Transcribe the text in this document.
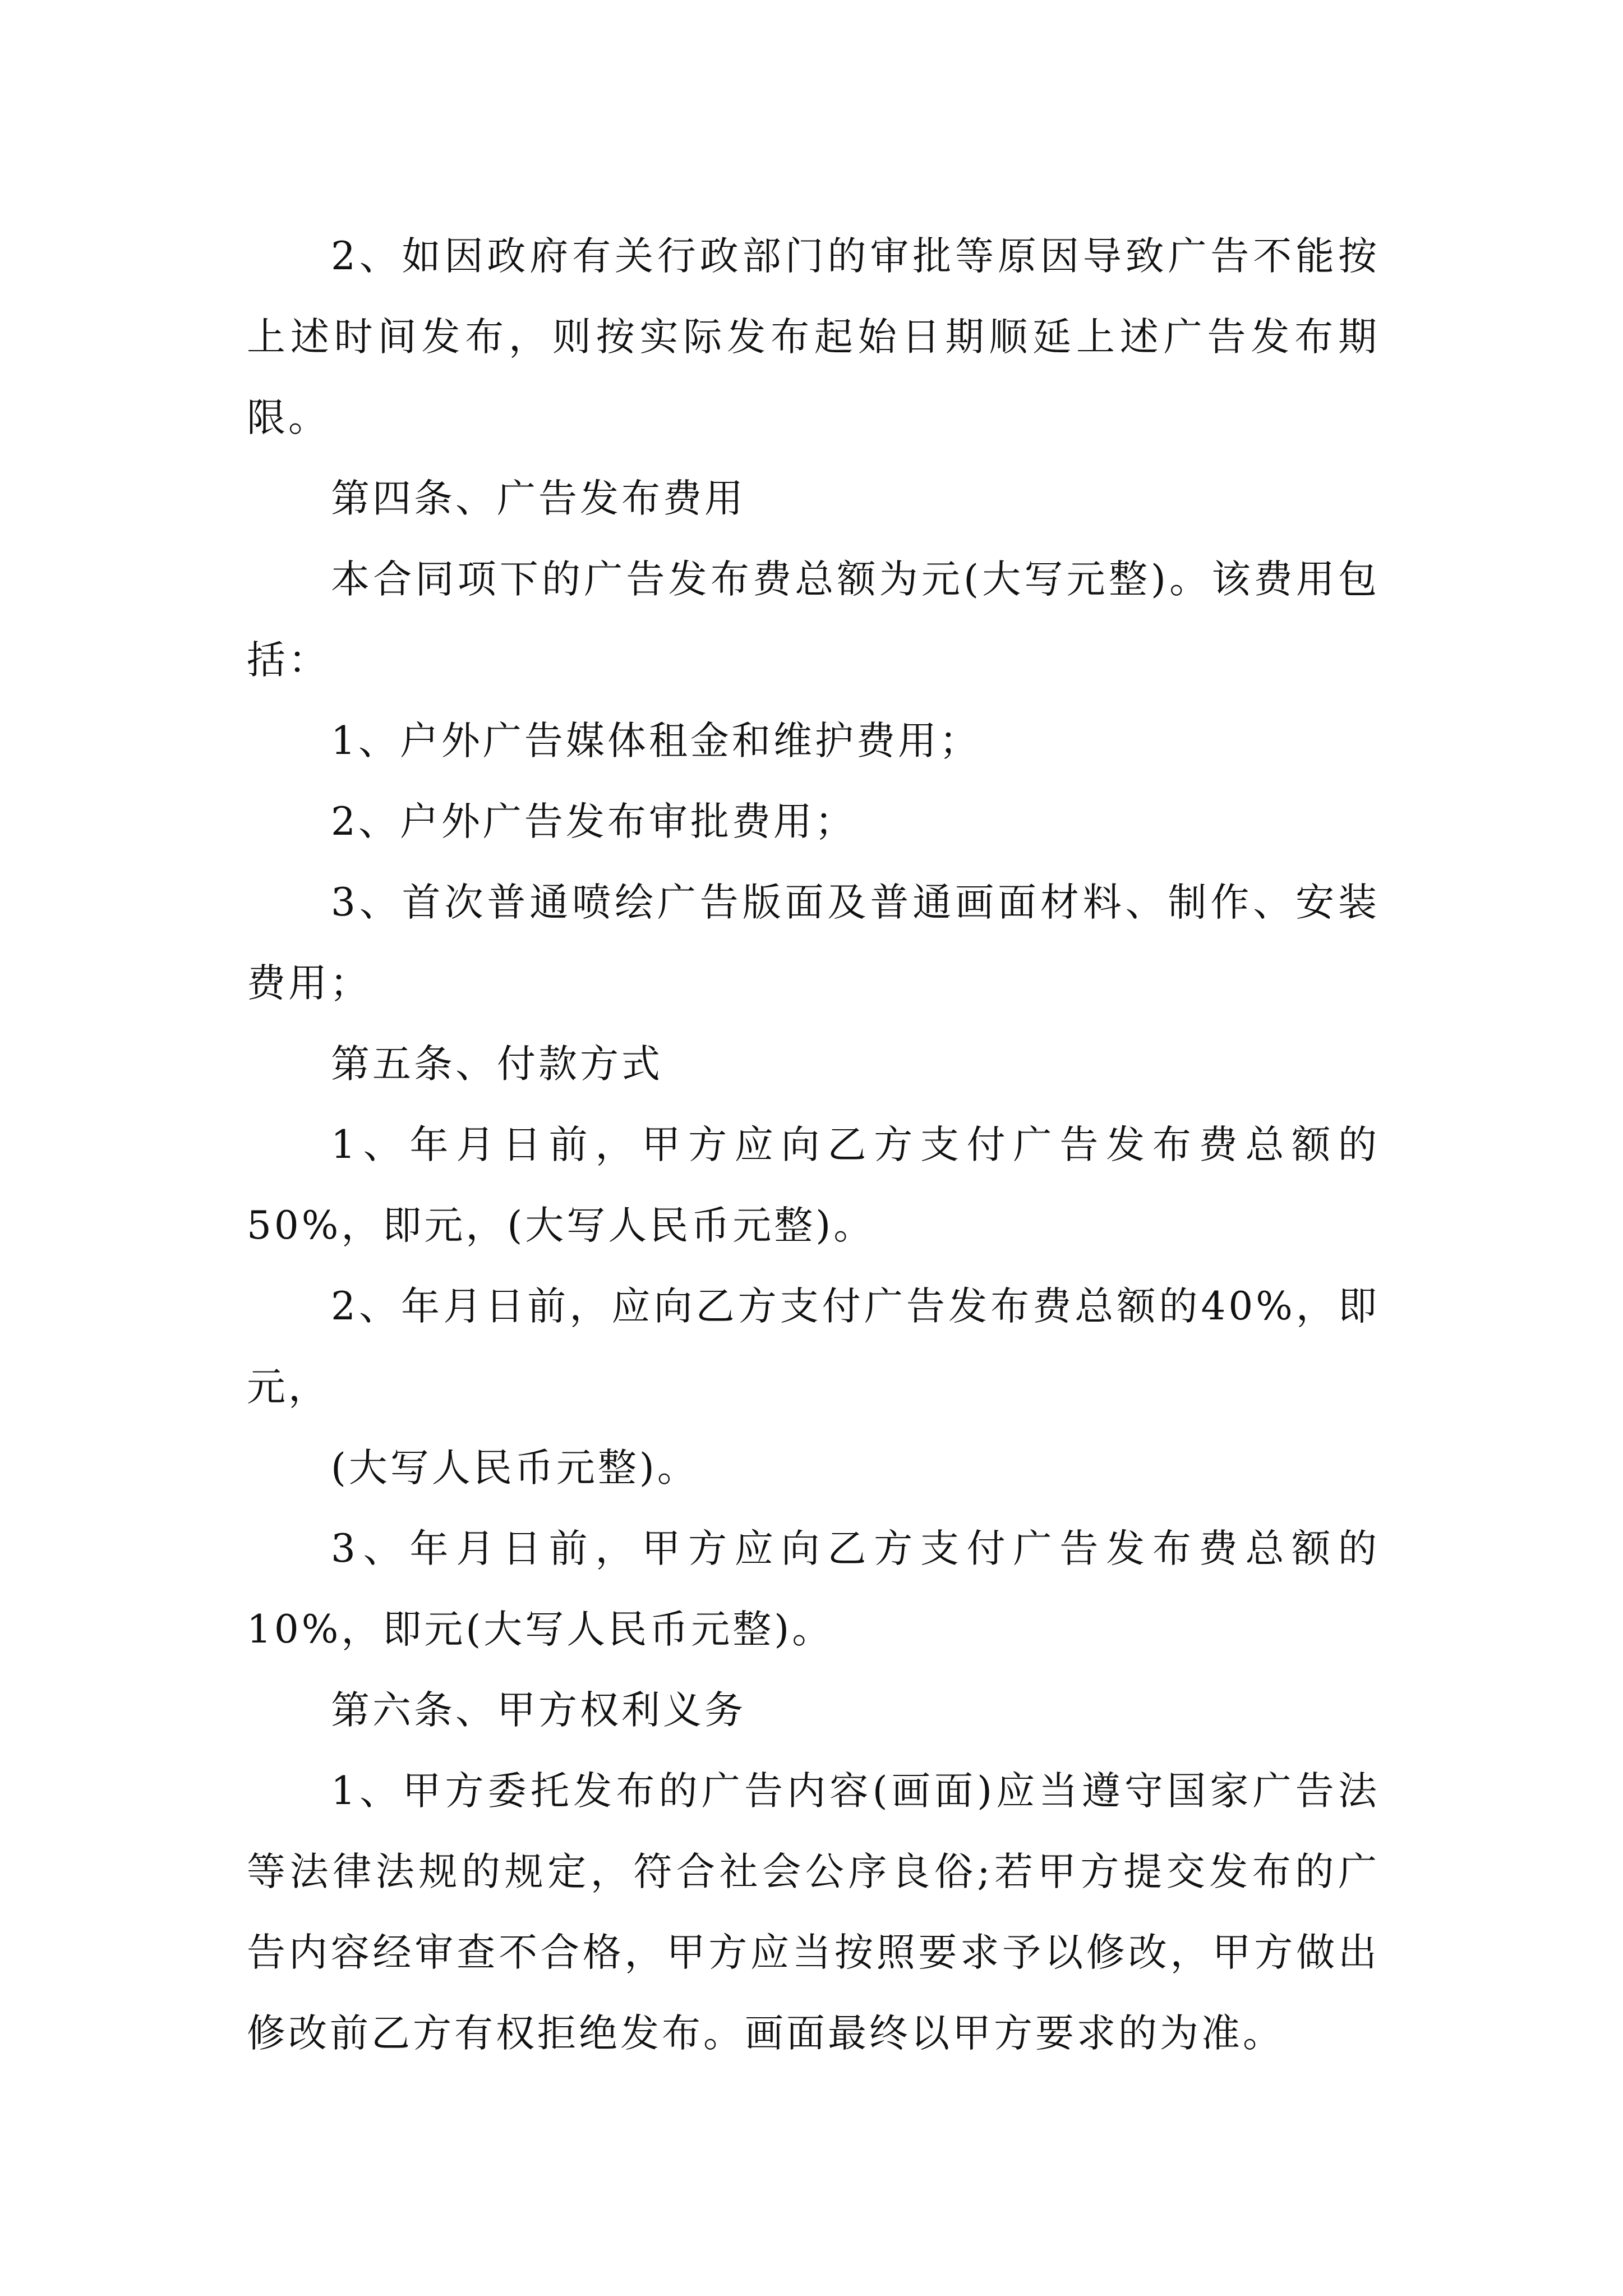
2、如因政府有关行政部门的审批等原因导致广告不能按上述时间发布，则按实际发布起始日期顺延上述广告发布期限。

第四条、广告发布费用

本合同项下的广告发布费总额为元(大写元整)。该费用包括：

1、户外广告媒体租金和维护费用；

2、户外广告发布审批费用；

3、首次普通喷绘广告版面及普通画面材料、制作、安装费用；

第五条、付款方式

1、年月日前，甲方应向乙方支付广告发布费总额的50%，即元，(大写人民币元整)。

2、年月日前，应向乙方支付广告发布费总额的40%，即元，

(大写人民币元整)。

3、年月日前，甲方应向乙方支付广告发布费总额的10%，即元(大写人民币元整)。

第六条、甲方权利义务

1、甲方委托发布的广告内容(画面)应当遵守国家广告法等法律法规的规定，符合社会公序良俗;若甲方提交发布的广告内容经审查不合格，甲方应当按照要求予以修改，甲方做出修改前乙方有权拒绝发布。画面最终以甲方要求的为准。
